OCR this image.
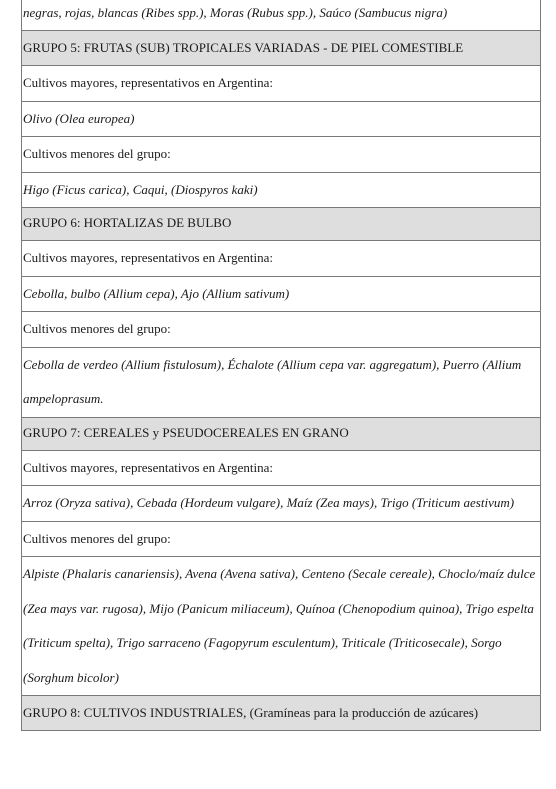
negras, rojas, blancas (Ribes spp.), Moras (Rubus spp.), Saúco (Sambucus nigra)
GRUPO 5: FRUTAS (SUB) TROPICALES VARIADAS - DE PIEL COMESTIBLE
Cultivos mayores, representativos en Argentina:
Olivo (Olea europea)
Cultivos menores del grupo:
Higo (Ficus carica), Caqui, (Diospyros kaki)
GRUPO 6: HORTALIZAS DE BULBO
Cultivos mayores, representativos en Argentina:
Cebolla, bulbo (Allium cepa), Ajo (Allium sativum)
Cultivos menores del grupo:
Cebolla de verdeo (Allium fistulosum), Échalote (Allium cepa var. aggregatum), Puerro (Allium ampeloprasum.
GRUPO 7: CEREALES y PSEUDOCEREALES EN GRANO
Cultivos mayores, representativos en Argentina:
Arroz (Oryza sativa), Cebada (Hordeum vulgare), Maíz (Zea mays), Trigo (Triticum aestivum)
Cultivos menores del grupo:
Alpiste (Phalaris canariensis), Avena (Avena sativa), Centeno (Secale cereale), Choclo/maíz dulce (Zea mays var. rugosa), Mijo (Panicum miliaceum), Quínoa (Chenopodium quinoa), Trigo espelta (Triticum spelta), Trigo sarraceno (Fagopyrum esculentum), Triticale (Triticosecale), Sorgo (Sorghum bicolor)
GRUPO 8: CULTIVOS INDUSTRIALES, (Gramíneas para la producción de azúcares)
